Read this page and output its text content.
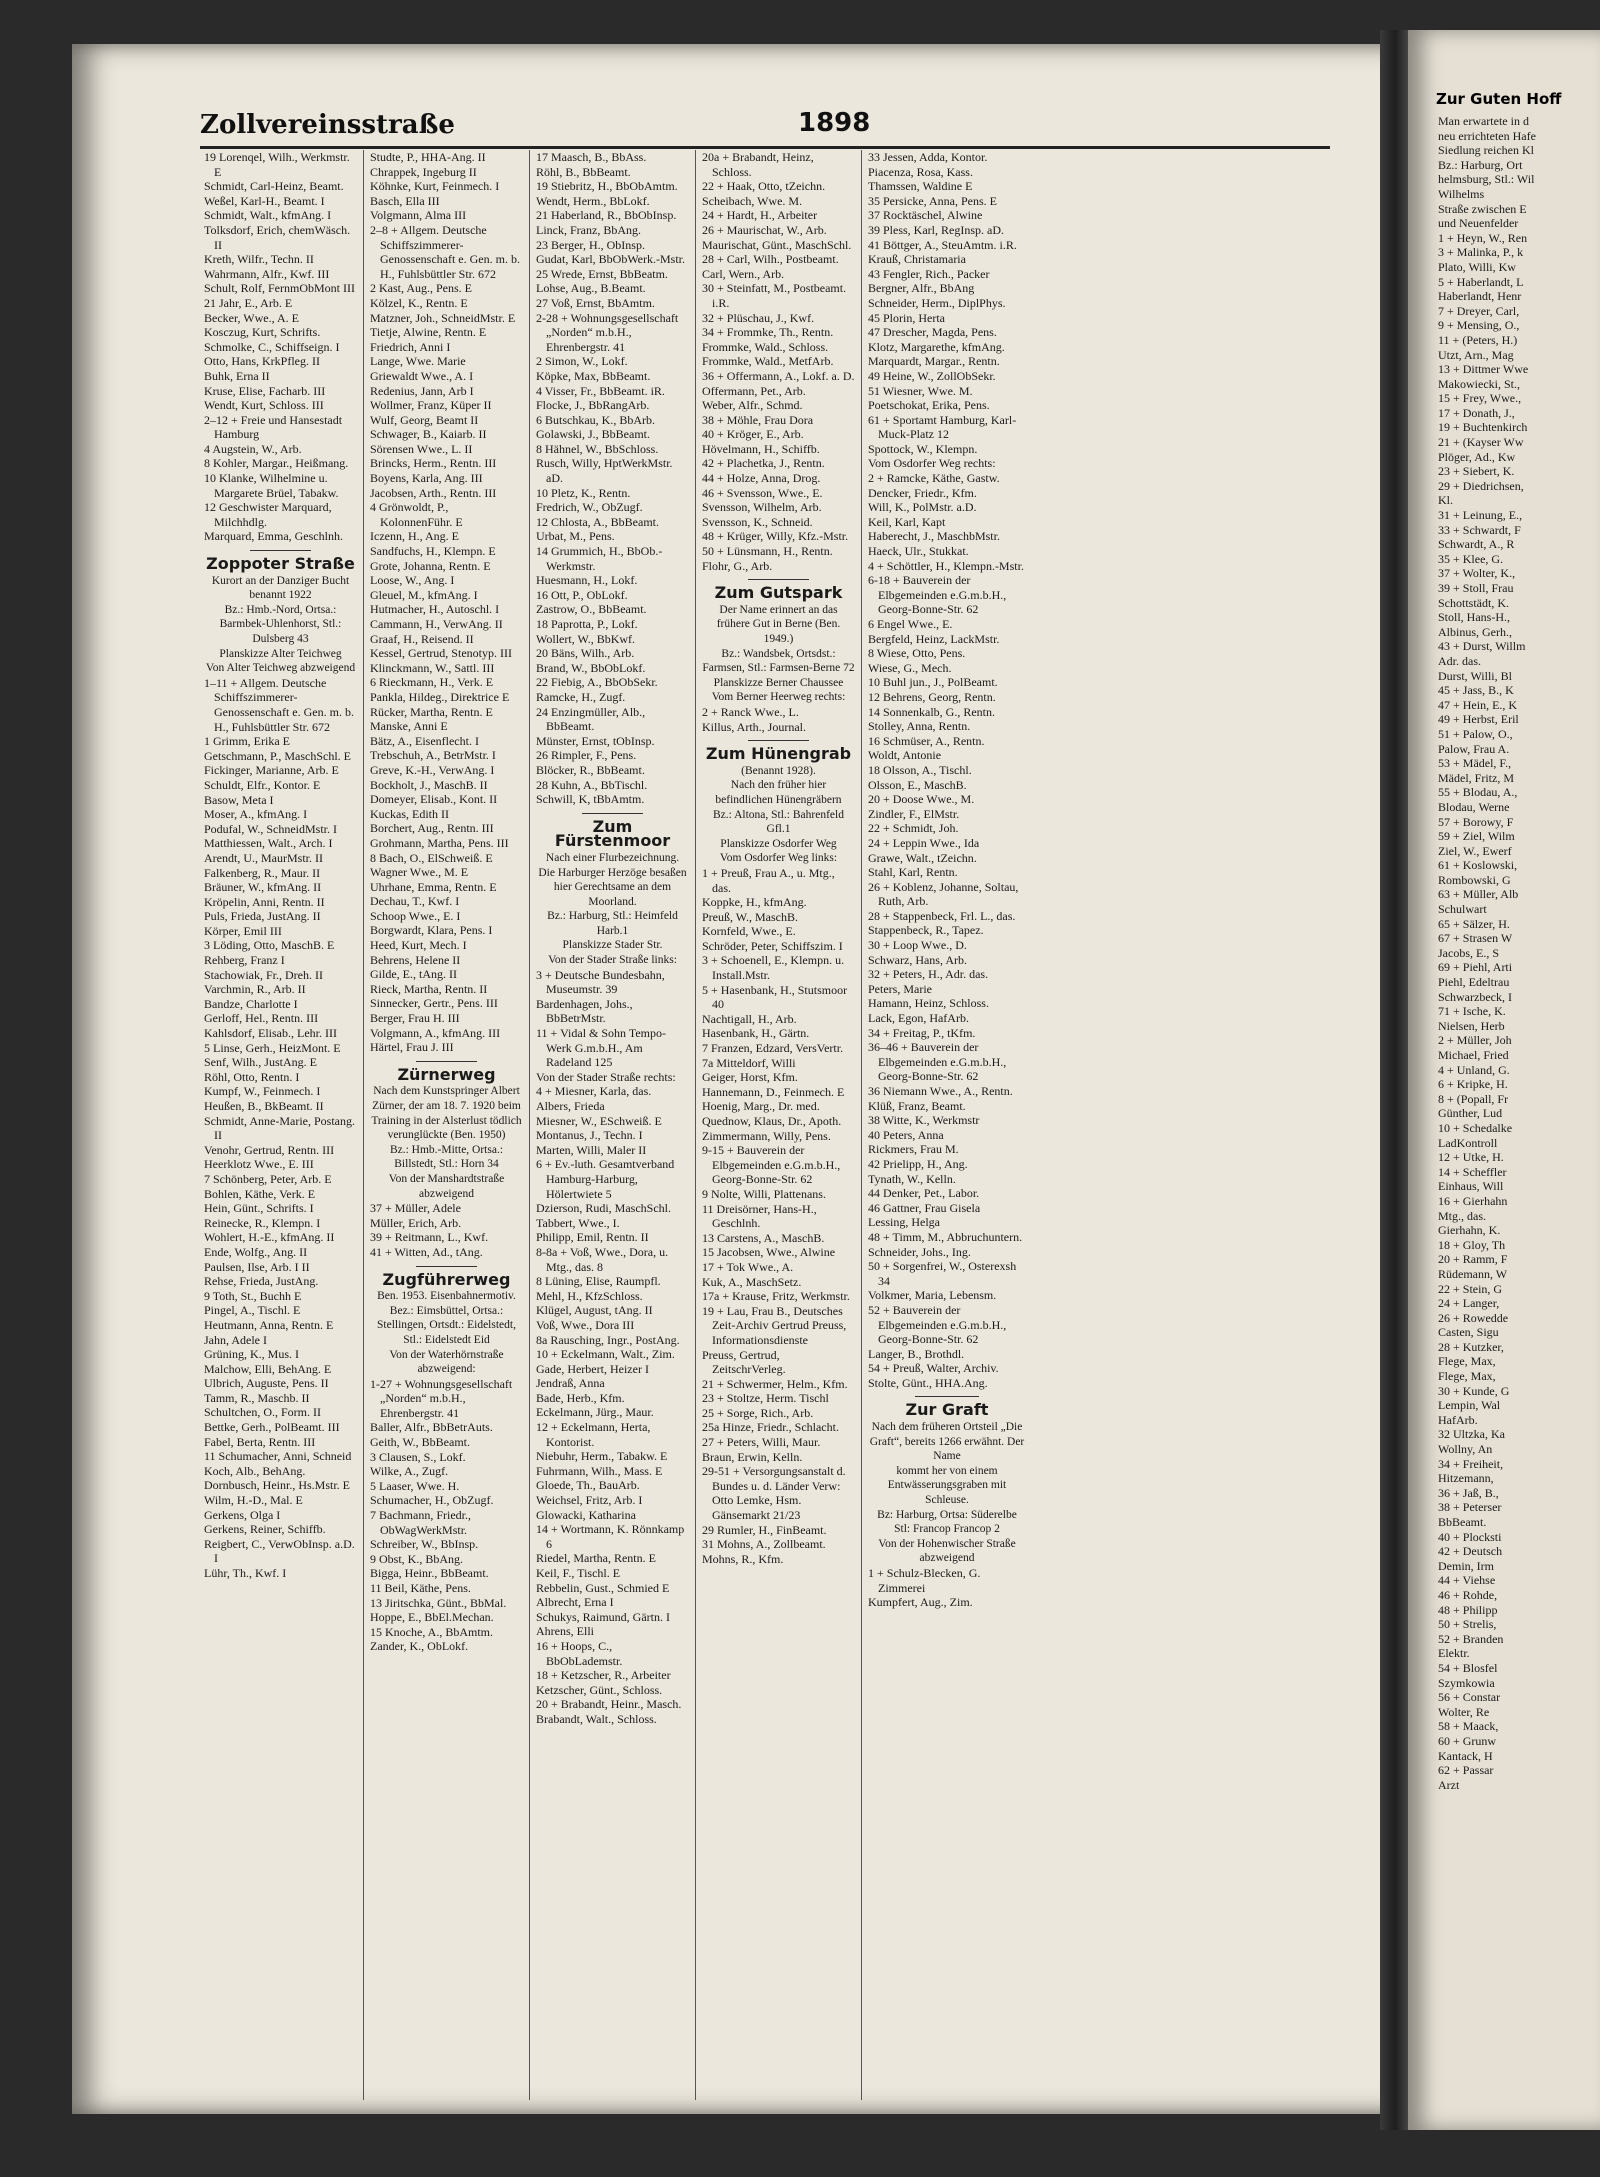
Zur Guten Hoff
Man erwartete in d
neu errichteten Hafe
Siedlung reichen Kl
Bz.: Harburg, Ort
helmsburg, Stl.: Wil
Wilhelms
Straße zwischen E
und Neuenfelder
1 + Heyn, W., Ren
3 + Malinka, P., k
Plato, Willi, Kw
5 + Haberlandt, L
Haberlandt, Henr
7 + Dreyer, Carl,
9 + Mensing, O.,
11 + (Peters, H.)
Utzt, Arn., Mag
13 + Dittmer Wwe
Makowiecki, St.,
15 + Frey, Wwe.,
17 + Donath, J.,
19 + Buchtenkirch
21 + (Kayser Ww
Plöger, Ad., Kw
23 + Siebert, K.
29 + Diedrichsen,
Kl.
31 + Leinung, E.,
33 + Schwardt, F
Schwardt, A., R
35 + Klee, G.
37 + Wolter, K.,
39 + Stoll, Frau
Schottstädt, K.
Stoll, Hans-H.,
Albinus, Gerh.,
43 + Durst, Willm
Adr. das.
Durst, Willi, Bl
45 + Jass, B., K
47 + Hein, E., K
49 + Herbst, Eril
51 + Palow, O.,
Palow, Frau A.
53 + Mädel, F.,
Mädel, Fritz, M
55 + Blodau, A.,
Blodau, Werne
57 + Borowy, F
59 + Ziel, Wilm
Ziel, W., Ewerf
61 + Koslowski,
Rombowski, G
63 + Müller, Alb
Schulwart
65 + Sälzer, H.
67 + Strasen W
Jacobs, E., S
69 + Piehl, Arti
Piehl, Edeltrau
Schwarzbeck, I
71 + Ische, K.
Nielsen, Herb
2 + Müller, Joh
Michael, Fried
4 + Unland, G.
6 + Kripke, H.
8 + (Popall, Fr
Günther, Lud
10 + Schedalke
LadKontroll
12 + Utke, H.
14 + Scheffler
Einhaus, Will
16 + Gierhahn
Mtg., das.
Gierhahn, K.
18 + Gloy, Th
20 + Ramm, F
Rüdemann, W
22 + Stein, G
24 + Langer,
26 + Rowedde
Casten, Sigu
28 + Kutzker,
Flege, Max,
Flege, Max,
30 + Kunde, G
Lempin, Wal
HafArb.
32 Ultzka, Ka
Wollny, An
34 + Freiheit,
Hitzemann,
36 + Jaß, B.,
38 + Peterser
BbBeamt.
40 + Plocksti
42 + Deutsch
Demin, Irm
44 + Viehse
46 + Rohde,
48 + Philipp
50 + Strelis,
52 + Branden
Elektr.
54 + Blosfel
Szymkowia
56 + Constar
Wolter, Re
58 + Maack,
60 + Grunw
Kantack, H
62 + Passar
Arzt
Zollvereinsstraße	1898

19 Lorenqel, Wilh., Werkmstr. E

Schmidt, Carl-Heinz, Beamt.

Weßel, Karl-H., Beamt. I

Schmidt, Walt., kfmAng. I

Tolksdorf, Erich, chemWäsch. II

Kreth, Wilfr., Techn. II

Wahrmann, Alfr., Kwf. III

Schult, Rolf, FernmObMont III

21 Jahr, E., Arb. E

Becker, Wwe., A. E

Kosczug, Kurt, Schrifts.

Schmolke, C., Schiffseign. I

Otto, Hans, KrkPfleg. II

Buhk, Erna II

Kruse, Elise, Facharb. III

Wendt, Kurt, Schloss. III

2–12 + Freie und Hansestadt Hamburg

4 Augstein, W., Arb.

8 Kohler, Margar., Heißmang.

10 Klanke, Wilhelmine u. Margarete Brüel, Tabakw.

12 Geschwister Marquard, Milchhdlg.

Marquard, Emma, Geschlnh.

Zoppoter Straße

Kurort an der Danziger Bucht benannt 1922

Bz.: Hmb.-Nord, Ortsa.: Barmbek-Uhlenhorst, Stl.: Dulsberg 43

Planskizze Alter Teichweg

Von Alter Teichweg abzweigend

1–11 + Allgem. Deutsche Schiffszimmerer-Genossenschaft e. Gen. m. b. H., Fuhlsbüttler Str. 672

1 Grimm, Erika E

Getschmann, P., MaschSchl. E

Fickinger, Marianne, Arb. E

Schuldt, Elfr., Kontor. E

Basow, Meta I

Moser, A., kfmAng. I

Podufal, W., SchneidMstr. I

Matthiessen, Walt., Arch. I

Arendt, U., MaurMstr. II

Falkenberg, R., Maur. II

Bräuner, W., kfmAng. II

Kröpelin, Anni, Rentn. II

Puls, Frieda, JustAng. II

Körper, Emil III

3 Löding, Otto, MaschB. E

Rehberg, Franz I

Stachowiak, Fr., Dreh. II

Varchmin, R., Arb. II

Bandze, Charlotte I

Gerloff, Hel., Rentn. III

Kahlsdorf, Elisab., Lehr. III

5 Linse, Gerh., HeizMont. E

Senf, Wilh., JustAng. E

Röhl, Otto, Rentn. I

Kumpf, W., Feinmech. I

Heußen, B., BkBeamt. II

Schmidt, Anne-Marie, Postang. II

Venohr, Gertrud, Rentn. III

Heerklotz Wwe., E. III

7 Schönberg, Peter, Arb. E

Bohlen, Käthe, Verk. E

Hein, Günt., Schrifts. I

Reinecke, R., Klempn. I

Wohlert, H.-E., kfmAng. II

Ende, Wolfg., Ang. II

Paulsen, Ilse, Arb. I II

Rehse, Frieda, JustAng.

9 Toth, St., Buchh E

Pingel, A., Tischl. E

Heutmann, Anna, Rentn. E

Jahn, Adele I

Grüning, K., Mus. I

Malchow, Elli, BehAng. E

Ulbrich, Auguste, Pens. II

Tamm, R., Maschb. II

Schultchen, O., Form. II

Bettke, Gerh., PolBeamt. III

Fabel, Berta, Rentn. III

11 Schumacher, Anni, Schneid

Koch, Alb., BehAng.

Dornbusch, Heinr., Hs.Mstr. E

Wilm, H.-D., Mal. E

Gerkens, Olga I

Gerkens, Reiner, Schiffb.

Reigbert, C., VerwObInsp. a.D. I

Lühr, Th., Kwf. I

Studte, P., HHA-Ang. II

Chrappek, Ingeburg II

Köhnke, Kurt, Feinmech. I

Basch, Ella III

Volgmann, Alma III

2–8 + Allgem. Deutsche Schiffszimmerer-Genossenschaft e. Gen. m. b. H., Fuhlsbüttler Str. 672

2 Kast, Aug., Pens. E

Kölzel, K., Rentn. E

Matzner, Joh., SchneidMstr. E

Tietje, Alwine, Rentn. E

Friedrich, Anni I

Lange, Wwe. Marie

Griewaldt Wwe., A. I

Redenius, Jann, Arb I

Wollmer, Franz, Küper II

Wulf, Georg, Beamt II

Schwager, B., Kaiarb. II

Sörensen Wwe., L. II

Brincks, Herm., Rentn. III

Boyens, Karla, Ang. III

Jacobsen, Arth., Rentn. III

4 Grönwoldt, P., KolonnenFühr. E

Iczenn, H., Ang. E

Sandfuchs, H., Klempn. E

Grote, Johanna, Rentn. E

Loose, W., Ang. I

Gleuel, M., kfmAng. I

Hutmacher, H., Autoschl. I

Cammann, H., VerwAng. II

Graaf, H., Reisend. II

Kessel, Gertrud, Stenotyp. III

Klinckmann, W., Sattl. III

6 Rieckmann, H., Verk. E

Pankla, Hildeg., Direktrice E

Rücker, Martha, Rentn. E

Manske, Anni E

Bätz, A., Eisenflecht. I

Trebschuh, A., BetrMstr. I

Greve, K.-H., VerwAng. I

Bockholt, J., MaschB. II

Domeyer, Elisab., Kont. II

Kuckas, Edith II

Borchert, Aug., Rentn. III

Grohmann, Martha, Pens. III

8 Bach, O., ElSchweiß. E

Wagner Wwe., M. E

Uhrhane, Emma, Rentn. E

Dechau, T., Kwf. I

Schoop Wwe., E. I

Borgwardt, Klara, Pens. I

Heed, Kurt, Mech. I

Behrens, Helene II

Gilde, E., tAng. II

Rieck, Martha, Rentn. II

Sinnecker, Gertr., Pens. III

Berger, Frau H. III

Volgmann, A., kfmAng. III

Härtel, Frau J. III

Zürnerweg

Nach dem Kunstspringer Albert Zürner, der am 18. 7. 1920 beim Training in der Alsterlust tödlich verunglückte (Ben. 1950)

Bz.: Hmb.-Mitte, Ortsa.: Billstedt, Stl.: Horn 34

Von der Manshardtstraße abzweigend

37 + Müller, Adele

Müller, Erich, Arb.

39 + Reitmann, L., Kwf.

41 + Witten, Ad., tAng.

Zugführerweg

Ben. 1953. Eisenbahnermotiv.

Bez.: Eimsbüttel, Ortsa.: Stellingen, Ortsdt.: Eidelstedt, Stl.: Eidelstedt Eid

Von der Waterhörnstraße abzweigend:

1-27 + Wohnungsgesellschaft „Norden“ m.b.H., Ehrenbergstr. 41

Baller, Alfr., BbBetrAuts.

Geith, W., BbBeamt.

3 Clausen, S., Lokf.

Wilke, A., Zugf.

5 Laaser, Wwe. H.

Schumacher, H., ObZugf.

7 Bachmann, Friedr., ObWagWerkMstr.

Schreiber, W., BbInsp.

9 Obst, K., BbAng.

Bigga, Heinr., BbBeamt.

11 Beil, Käthe, Pens.

13 Jiritschka, Günt., BbMal.

Hoppe, E., BbEl.Mechan.

15 Knoche, A., BbAmtm.

Zander, K., ObLokf.

17 Maasch, B., BbAss.

Röhl, B., BbBeamt.

19 Stiebritz, H., BbObAmtm.

Wendt, Herm., BbLokf.

21 Haberland, R., BbObInsp.

Linck, Franz, BbAng.

23 Berger, H., ObInsp.

Gudat, Karl, BbObWerk.-Mstr.

25 Wrede, Ernst, BbBeatm.

Lohse, Aug., B.Beamt.

27 Voß, Ernst, BbAmtm.

2-28 + Wohnungsgesellschaft „Norden“ m.b.H., Ehrenbergstr. 41

2 Simon, W., Lokf.

Köpke, Max, BbBeamt.

4 Visser, Fr., BbBeamt. iR.

Flocke, J., BbRangArb.

6 Butschkau, K., BbArb.

Golawski, J., BbBeamt.

8 Hähnel, W., BbSchloss.

Rusch, Willy, HptWerkMstr. aD.

10 Pletz, K., Rentn.

Fredrich, W., ObZugf.

12 Chlosta, A., BbBeamt.

Urbat, M., Pens.

14 Grummich, H., BbOb.-Werkmstr.

Huesmann, H., Lokf.

16 Ott, P., ObLokf.

Zastrow, O., BbBeamt.

18 Paprotta, P., Lokf.

Wollert, W., BbKwf.

20 Bäns, Wilh., Arb.

Brand, W., BbObLokf.

22 Fiebig, A., BbObSekr.

Ramcke, H., Zugf.

24 Enzingmüller, Alb., BbBeamt.

Münster, Ernst, tObInsp.

26 Rimpler, F., Pens.

Blöcker, R., BbBeamt.

28 Kuhn, A., BbTischl.

Schwill, K, tBbAmtm.

Zum Fürstenmoor

Nach einer Flurbezeichnung.

Die Harburger Herzöge besaßen hier Gerechtsame an dem Moorland.

Bz.: Harburg, Stl.: Heimfeld Harb.1

Planskizze Stader Str.

Von der Stader Straße links:

3 + Deutsche Bundesbahn, Museumstr. 39

Bardenhagen, Johs., BbBetrMstr.

11 + Vidal & Sohn Tempo-Werk G.m.b.H., Am Radeland 125

Von der Stader Straße rechts:

4 + Miesner, Karla, das.

Albers, Frieda

Miesner, W., ESchweiß. E

Montanus, J., Techn. I

Marten, Willi, Maler II

6 + Ev.-luth. Gesamtverband Hamburg-Harburg, Hölertwiete 5

Dzierson, Rudi, MaschSchl.

Tabbert, Wwe., I.

Philipp, Emil, Rentn. II

8-8a + Voß, Wwe., Dora, u. Mtg., das. 8

8 Lüning, Elise, Raumpfl.

Mehl, H., KfzSchloss.

Klügel, August, tAng. II

Voß, Wwe., Dora III

8a Rausching, Ingr., PostAng.

10 + Eckelmann, Walt., Zim.

Gade, Herbert, Heizer I

Jendraß, Anna

Bade, Herb., Kfm.

Eckelmann, Jürg., Maur.

12 + Eckelmann, Herta, Kontorist.

Niebuhr, Herm., Tabakw. E

Fuhrmann, Wilh., Mass. E

Gloede, Th., BauArb.

Weichsel, Fritz, Arb. I

Glowacki, Katharina

14 + Wortmann, K. Rönnkamp 6

Riedel, Martha, Rentn. E

Keil, F., Tischl. E

Rebbelin, Gust., Schmied E

Albrecht, Erna I

Schukys, Raimund, Gärtn. I

Ahrens, Elli

16 + Hoops, C., BbObLademstr.

18 + Ketzscher, R., Arbeiter

Ketzscher, Günt., Schloss.

20 + Brabandt, Heinr., Masch.

Brabandt, Walt., Schloss.

20a + Brabandt, Heinz, Schloss.

22 + Haak, Otto, tZeichn.

Scheibach, Wwe. M.

24 + Hardt, H., Arbeiter

26 + Maurischat, W., Arb.

Maurischat, Günt., MaschSchl.

28 + Carl, Wilh., Postbeamt.

Carl, Wern., Arb.

30 + Steinfatt, M., Postbeamt. i.R.

32 + Plüschau, J., Kwf.

34 + Frommke, Th., Rentn.

Frommke, Wald., Schloss.

Frommke, Wald., MetfArb.

36 + Offermann, A., Lokf. a. D.

Offermann, Pet., Arb.

Weber, Alfr., Schmd.

38 + Möhle, Frau Dora

40 + Kröger, E., Arb.

Hövelmann, H., Schiffb.

42 + Plachetka, J., Rentn.

44 + Holze, Anna, Drog.

46 + Svensson, Wwe., E.

Svensson, Wilhelm, Arb.

Svensson, K., Schneid.

48 + Krüger, Willy, Kfz.-Mstr.

50 + Lünsmann, H., Rentn.

Flohr, G., Arb.

Zum Gutspark

Der Name erinnert an das frühere Gut in Berne (Ben. 1949.)

Bz.: Wandsbek, Ortsdst.: Farmsen, Stl.: Farmsen-Berne 72

Planskizze Berner Chaussee

Vom Berner Heerweg rechts:

2 + Ranck Wwe., L.

Killus, Arth., Journal.

Zum Hünengrab

(Benannt 1928).

Nach den früher hier befindlichen Hünengräbern

Bz.: Altona, Stl.: Bahrenfeld Gfl.1

Planskizze Osdorfer Weg

Vom Osdorfer Weg links:

1 + Preuß, Frau A., u. Mtg., das.

Koppke, H., kfmAng.

Preuß, W., MaschB.

Kornfeld, Wwe., E.

Schröder, Peter, Schiffszim. I

3 + Schoenell, E., Klempn. u. Install.Mstr.

5 + Hasenbank, H., Stutsmoor 40

Nachtigall, H., Arb.

Hasenbank, H., Gärtn.

7 Franzen, Edzard, VersVertr.

7a Mitteldorf, Willi

Geiger, Horst, Kfm.

Hannemann, D., Feinmech. E

Hoenig, Marg., Dr. med.

Quednow, Klaus, Dr., Apoth.

Zimmermann, Willy, Pens.

9-15 + Bauverein der Elbgemeinden e.G.m.b.H., Georg-Bonne-Str. 62

9 Nolte, Willi, Plattenans.

11 Dreisörner, Hans-H., Geschlnh.

13 Carstens, A., MaschB.

15 Jacobsen, Wwe., Alwine

17 + Tok Wwe., A.

Kuk, A., MaschSetz.

17a + Krause, Fritz, Werkmstr.

19 + Lau, Frau B., Deutsches Zeit-Archiv Gertrud Preuss, Informationsdienste

Preuss, Gertrud, ZeitschrVerleg.

21 + Schwermer, Helm., Kfm.

23 + Stoltze, Herm. Tischl

25 + Sorge, Rich., Arb.

25a Hinze, Friedr., Schlacht.

27 + Peters, Willi, Maur.

Braun, Erwin, Kelln.

29-51 + Versorgungsanstalt d. Bundes u. d. Länder Verw: Otto Lemke, Hsm. Gänsemarkt 21/23

29 Rumler, H., FinBeamt.

31 Mohns, A., Zollbeamt.

Mohns, R., Kfm.

33 Jessen, Adda, Kontor.

Piacenza, Rosa, Kass.

Thamssen, Waldine E

35 Persicke, Anna, Pens. E

37 Rocktäschel, Alwine

39 Pless, Karl, RegInsp. aD.

41 Böttger, A., SteuAmtm. i.R.

Krauß, Christamaria

43 Fengler, Rich., Packer

Bergner, Alfr., BbAng

Schneider, Herm., DiplPhys.

45 Plorin, Herta

47 Drescher, Magda, Pens.

Klotz, Margarethe, kfmAng.

Marquardt, Margar., Rentn.

49 Heine, W., ZollObSekr.

51 Wiesner, Wwe. M.

Poetschokat, Erika, Pens.

61 + Sportamt Hamburg, Karl-Muck-Platz 12

Spottock, W., Klempn.

Vom Osdorfer Weg rechts:

2 + Ramcke, Käthe, Gastw.

Dencker, Friedr., Kfm.

Will, K., PolMstr. a.D.

Keil, Karl, Kapt

Haberecht, J., MaschbMstr.

Haeck, Ulr., Stukkat.

4 + Schöttler, H., Klempn.-Mstr.

6-18 + Bauverein der Elbgemeinden e.G.m.b.H., Georg-Bonne-Str. 62

6 Engel Wwe., E.

Bergfeld, Heinz, LackMstr.

8 Wiese, Otto, Pens.

Wiese, G., Mech.

10 Buhl jun., J., PolBeamt.

12 Behrens, Georg, Rentn.

14 Sonnenkalb, G., Rentn.

Stolley, Anna, Rentn.

16 Schmüser, A., Rentn.

Woldt, Antonie

18 Olsson, A., Tischl.

Olsson, E., MaschB.

20 + Doose Wwe., M.

Zindler, F., ElMstr.

22 + Schmidt, Joh.

24 + Leppin Wwe., Ida

Grawe, Walt., tZeichn.

Stahl, Karl, Rentn.

26 + Koblenz, Johanne, Soltau, Ruth, Arb.

28 + Stappenbeck, Frl. L., das.

Stappenbeck, R., Tapez.

30 + Loop Wwe., D.

Schwarz, Hans, Arb.

32 + Peters, H., Adr. das.

Peters, Marie

Hamann, Heinz, Schloss.

Lack, Egon, HafArb.

34 + Freitag, P., tKfm.

36–46 + Bauverein der Elbgemeinden e.G.m.b.H., Georg-Bonne-Str. 62

36 Niemann Wwe., A., Rentn.

Klüß, Franz, Beamt.

38 Witte, K., Werkmstr

40 Peters, Anna

Rickmers, Frau M.

42 Prielipp, H., Ang.

Tynath, W., Kelln.

44 Denker, Pet., Labor.

46 Gattner, Frau Gisela

Lessing, Helga

48 + Timm, M., Abbruchuntern.

Schneider, Johs., Ing.

50 + Sorgenfrei, W., Osterexsh 34

Volkmer, Maria, Lebensm.

52 + Bauverein der Elbgemeinden e.G.m.b.H., Georg-Bonne-Str. 62

Langer, B., Brothdl.

54 + Preuß, Walter, Archiv.

Stolte, Günt., HHA.Ang.

Zur Graft

Nach dem früheren Ortsteil „Die Graft“, bereits 1266 erwähnt. Der Name

kommt her von einem Entwässerungsgraben mit Schleuse.

Bz: Harburg, Ortsa: Süderelbe Stl: Francop Francop 2

Von der Hohenwischer Straße abzweigend

1 + Schulz-Blecken, G. Zimmerei

Kumpfert, Aug., Zim.
